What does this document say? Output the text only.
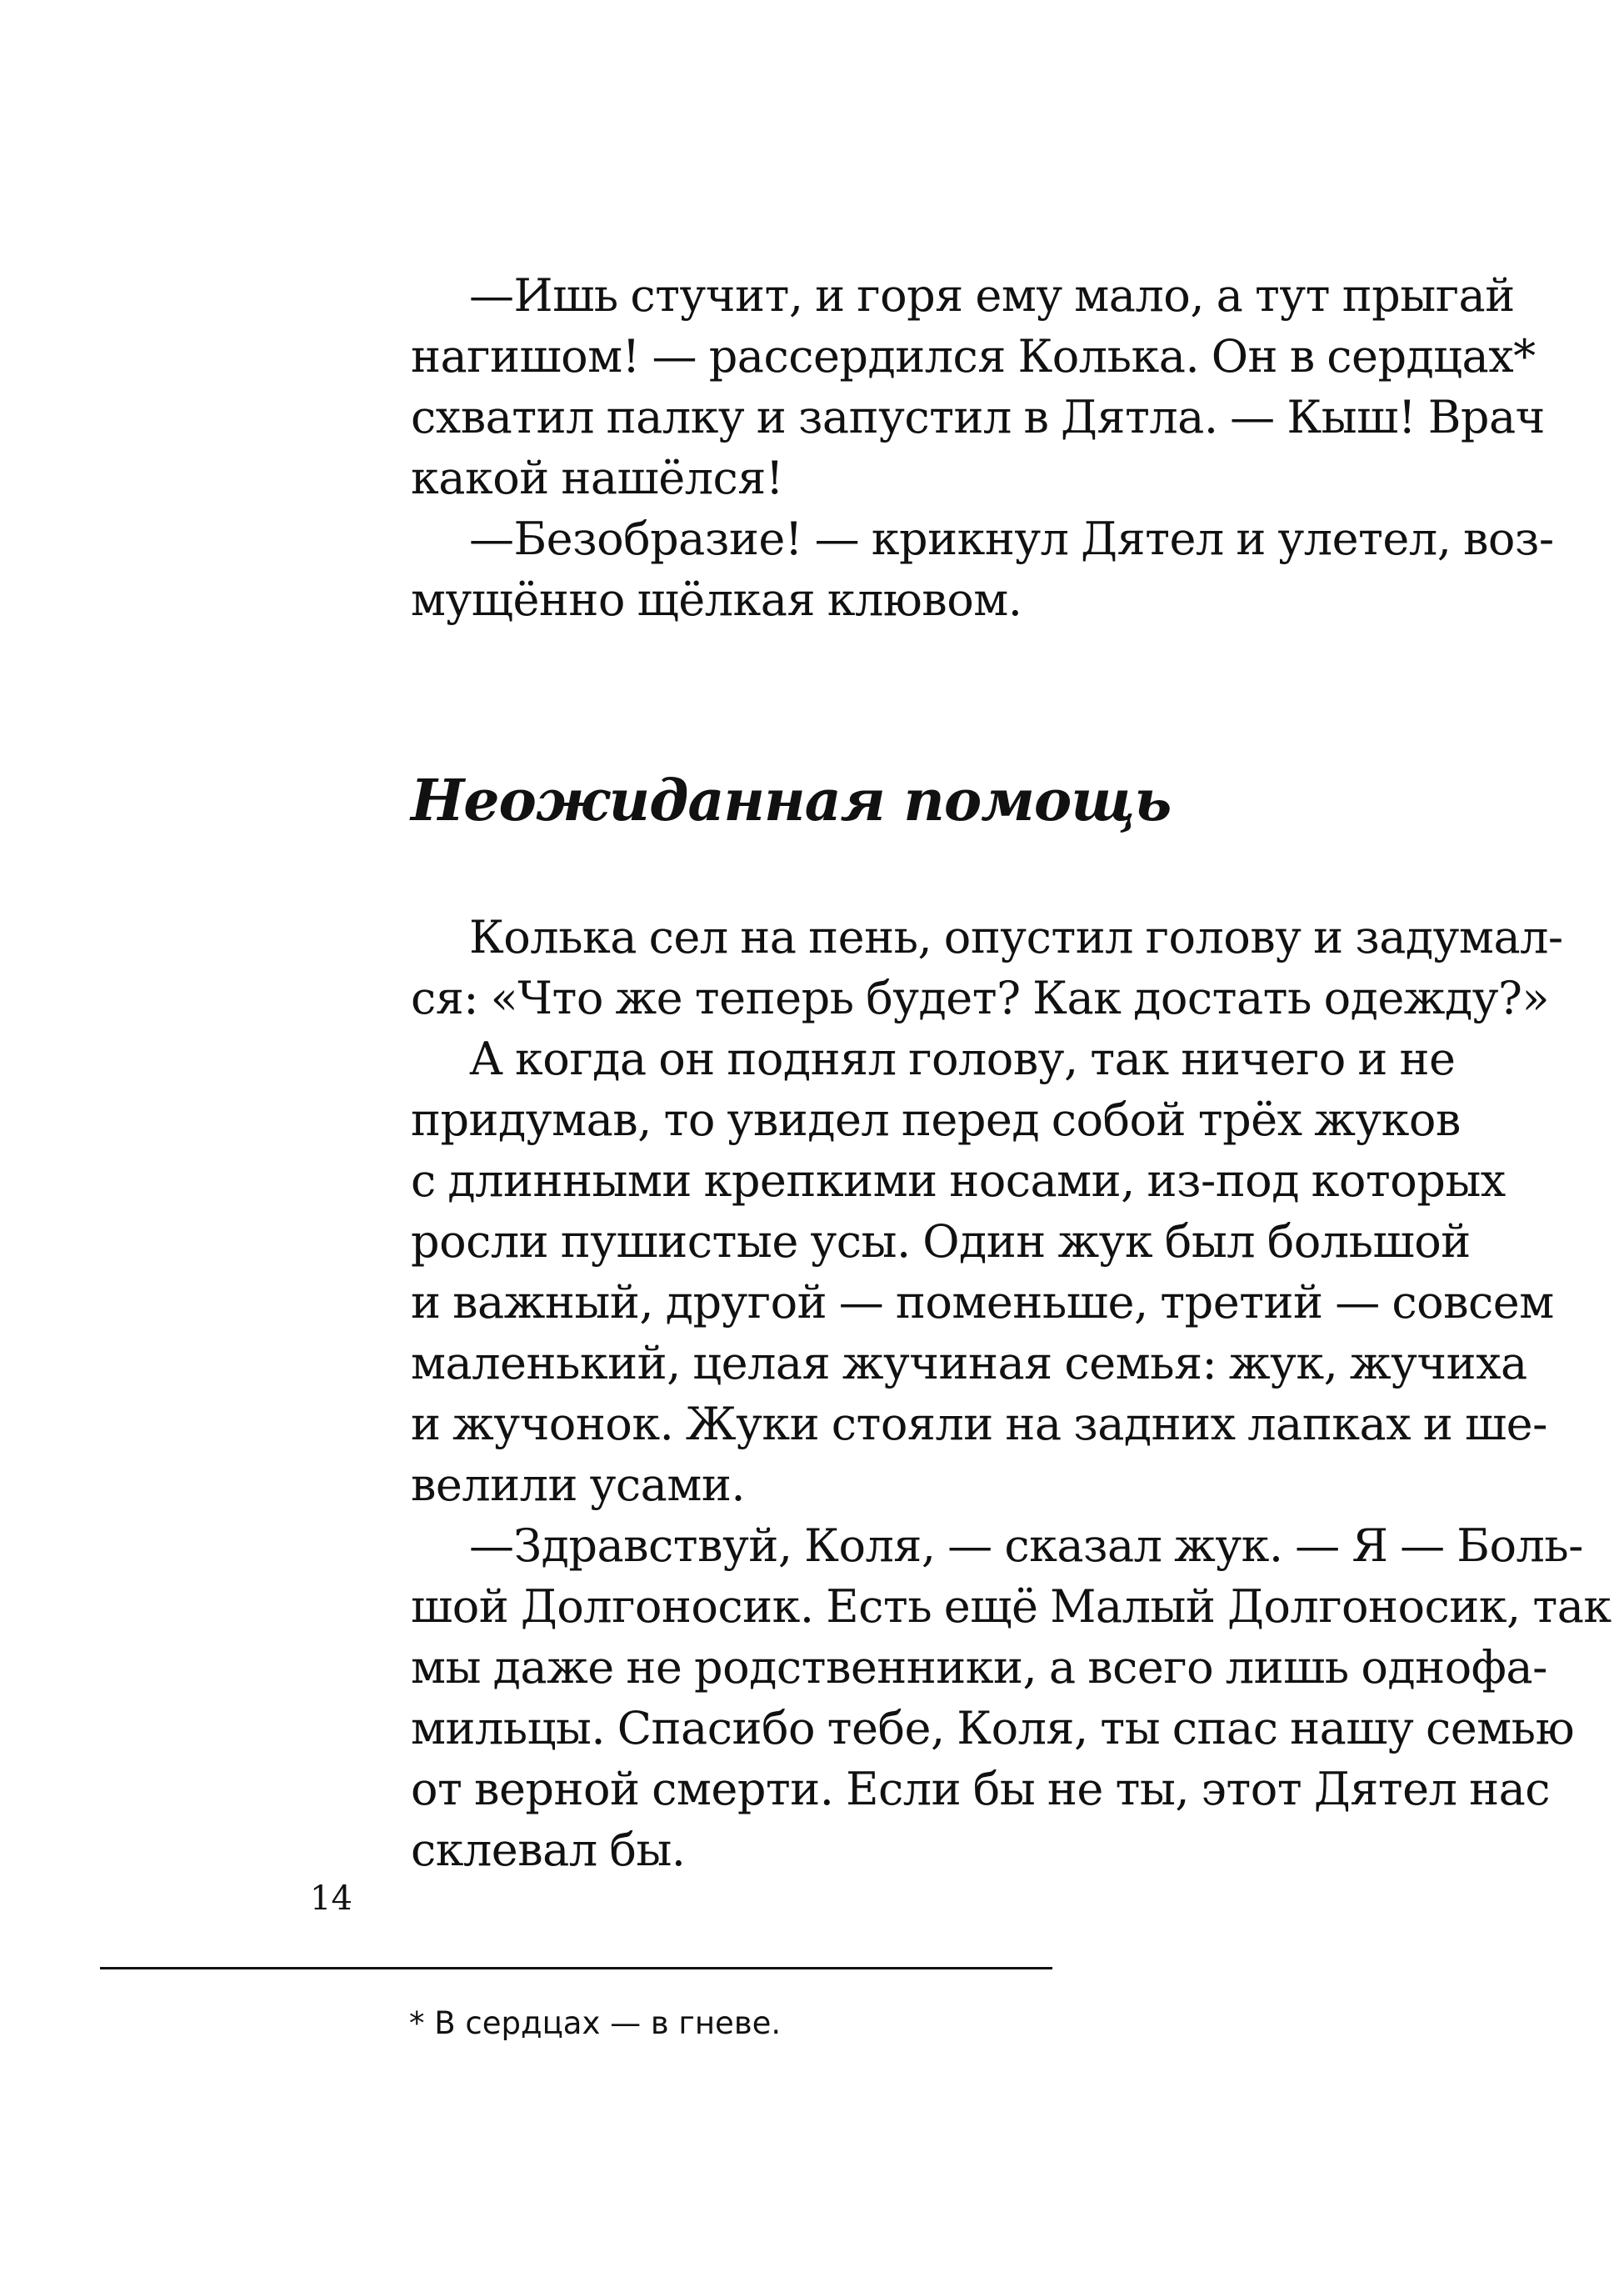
—Ишь стучит, и горя ему мало, а тут прыгай
нагишом! — рассердился Колька. Он в сердцах*
схватил палку и запустил в Дятла. — Кыш! Врач
какой нашёлся!
—Безобразие! — крикнул Дятел и улетел, воз-
мущённо щёлкая клювом.
Неожиданная помощь
Колька сел на пень, опустил голову и задумал-
ся: «Что же теперь будет? Как достать одежду?»
А когда он поднял голову, так ничего и не
придумав, то увидел перед собой трёх жуков
с длинными крепкими носами, из-под которых
росли пушистые усы. Один жук был большой
и важный, другой — поменьше, третий — совсем
маленький, целая жучиная семья: жук, жучиха
и жучонок. Жуки стояли на задних лапках и ше-
велили усами.
—Здравствуй, Коля, — сказал жук. — Я — Боль-
шой Долгоносик. Есть ещё Малый Долгоносик, так
мы даже не родственники, а всего лишь однофа-
мильцы. Спасибо тебе, Коля, ты спас нашу семью
от верной смерти. Если бы не ты, этот Дятел нас
склевал бы.
14
* В сердцах — в гневе.
